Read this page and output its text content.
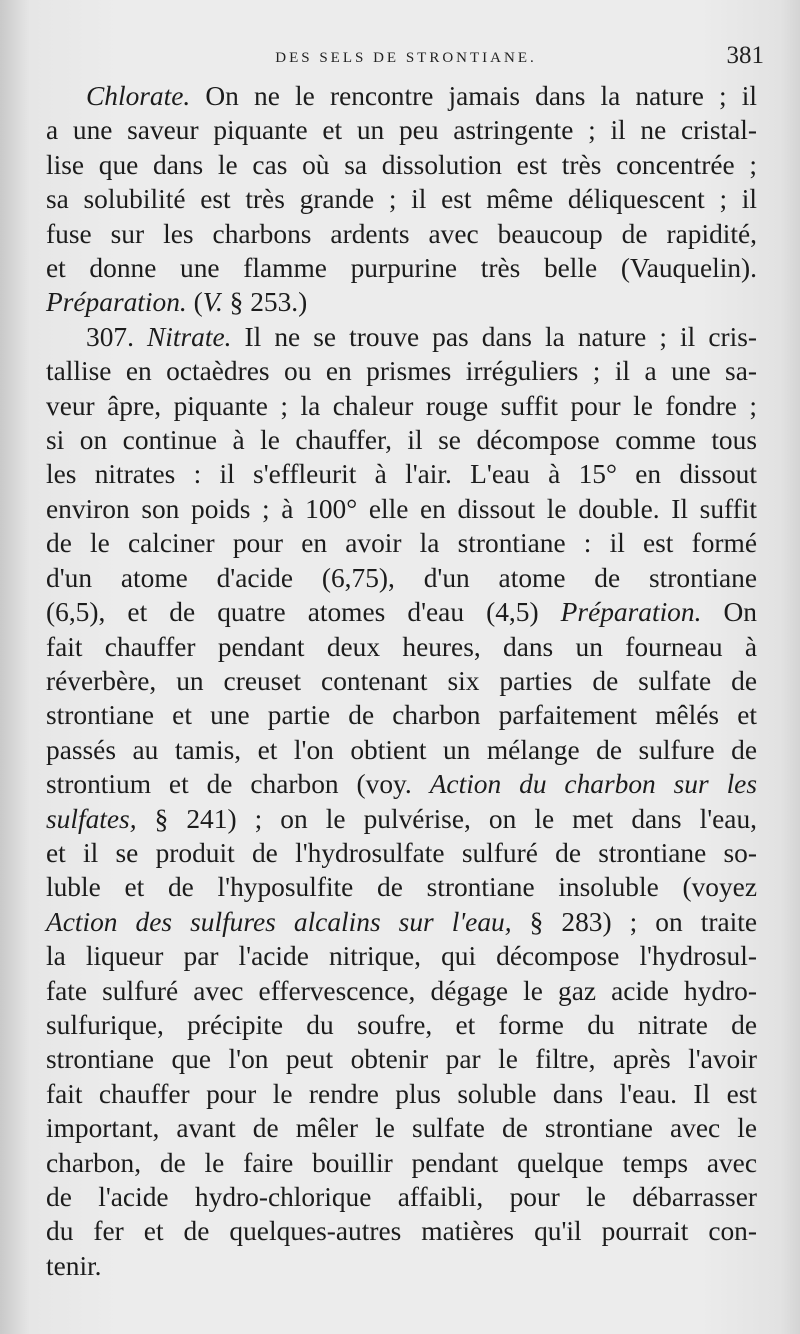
DES SELS DE STRONTIANE.	381
Chlorate. On ne le rencontre jamais dans la nature ; il
a une saveur piquante et un peu astringente ; il ne cristal-
lise que dans le cas où sa dissolution est très concentrée ;
sa solubilité est très grande ; il est même déliquescent ; il
fuse sur les charbons ardents avec beaucoup de rapidité,
et donne une flamme purpurine très belle (Vauquelin).
Préparation. (V. § 253.)
307. Nitrate. Il ne se trouve pas dans la nature ; il cris-
tallise en octaèdres ou en prismes irréguliers ; il a une sa-
veur âpre, piquante ; la chaleur rouge suffit pour le fondre ;
si on continue à le chauffer, il se décompose comme tous
les nitrates : il s'effleurit à l'air. L'eau à 15° en dissout
environ son poids ; à 100° elle en dissout le double. Il suffit
de le calciner pour en avoir la strontiane : il est formé
d'un atome d'acide (6,75), d'un atome de strontiane
(6,5), et de quatre atomes d'eau (4,5) Préparation. On
fait chauffer pendant deux heures, dans un fourneau à
réverbère, un creuset contenant six parties de sulfate de
strontiane et une partie de charbon parfaitement mêlés et
passés au tamis, et l'on obtient un mélange de sulfure de
strontium et de charbon (voy. Action du charbon sur les
sulfates, § 241) ; on le pulvérise, on le met dans l'eau,
et il se produit de l'hydrosulfate sulfuré de strontiane so-
luble et de l'hyposulfite de strontiane insoluble (voyez
Action des sulfures alcalins sur l'eau, § 283) ; on traite
la liqueur par l'acide nitrique, qui décompose l'hydrosul-
fate sulfuré avec effervescence, dégage le gaz acide hydro-
sulfurique, précipite du soufre, et forme du nitrate de
strontiane que l'on peut obtenir par le filtre, après l'avoir
fait chauffer pour le rendre plus soluble dans l'eau. Il est
important, avant de mêler le sulfate de strontiane avec le
charbon, de le faire bouillir pendant quelque temps avec
de l'acide hydro-chlorique affaibli, pour le débarrasser
du fer et de quelques-autres matières qu'il pourrait con-
tenir.
